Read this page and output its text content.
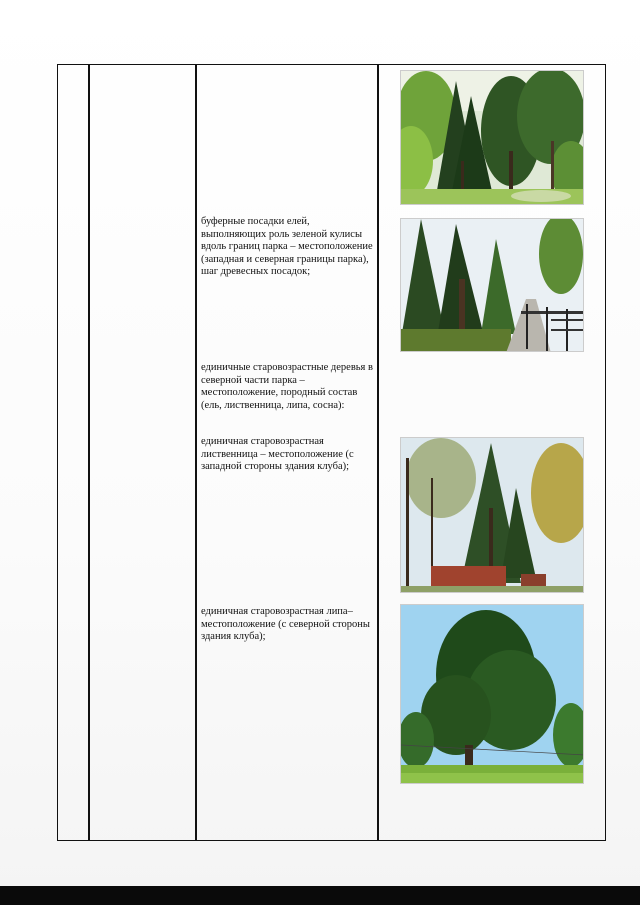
буферные посадки елей, выполняющих роль зеленой кулисы вдоль границ парка – местоположение (западная и северная границы парка), шаг древесных посадок;
единичные старовозрастные деревья в северной части парка – местоположение, породный состав (ель, лиственница, липа, сосна):
единичная старовозрастная лиственница – местоположение (с западной стороны здания клуба);
единичная старовозрастная липа– местоположение (с северной стороны здания клуба);
